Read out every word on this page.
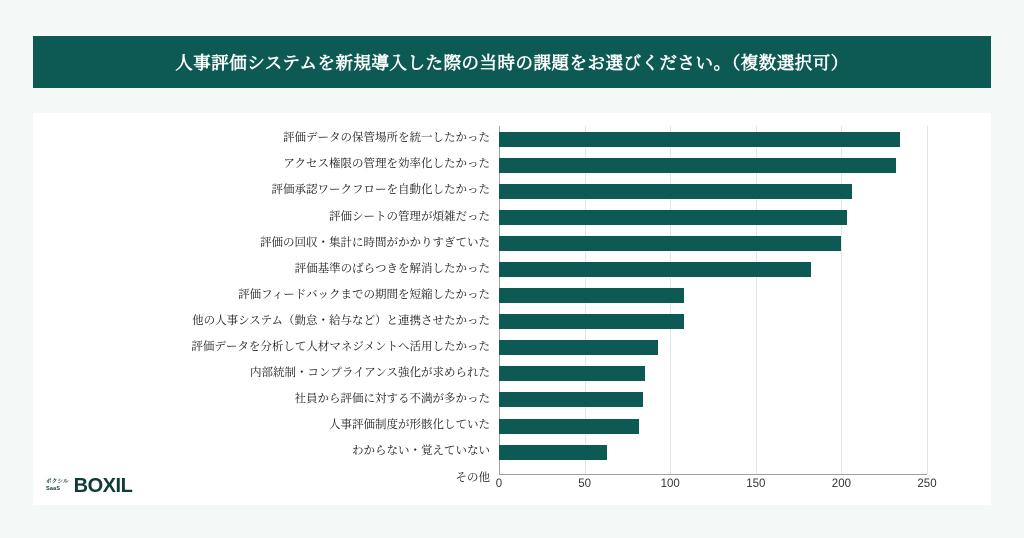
人事評価システムを新規導入した際の当時の課題をお選びください。（複数選択可）
評価データの保管場所を統一したかった
アクセス権限の管理を効率化したかった
評価承認ワークフローを自動化したかった
評価シートの管理が煩雑だった
評価の回収・集計に時間がかかりすぎていた
評価基準のばらつきを解消したかった
評価フィードバックまでの期間を短縮したかった
他の人事システム（勤怠・給与など）と連携させたかった
評価データを分析して人材マネジメントへ活用したかった
内部統制・コンプライアンス強化が求められた
社員から評価に対する不満が多かった
人事評価制度が形骸化していた
わからない・覚えていない
その他
0	50	100	150	200	250
ボクシル
SaaS BOXIL
